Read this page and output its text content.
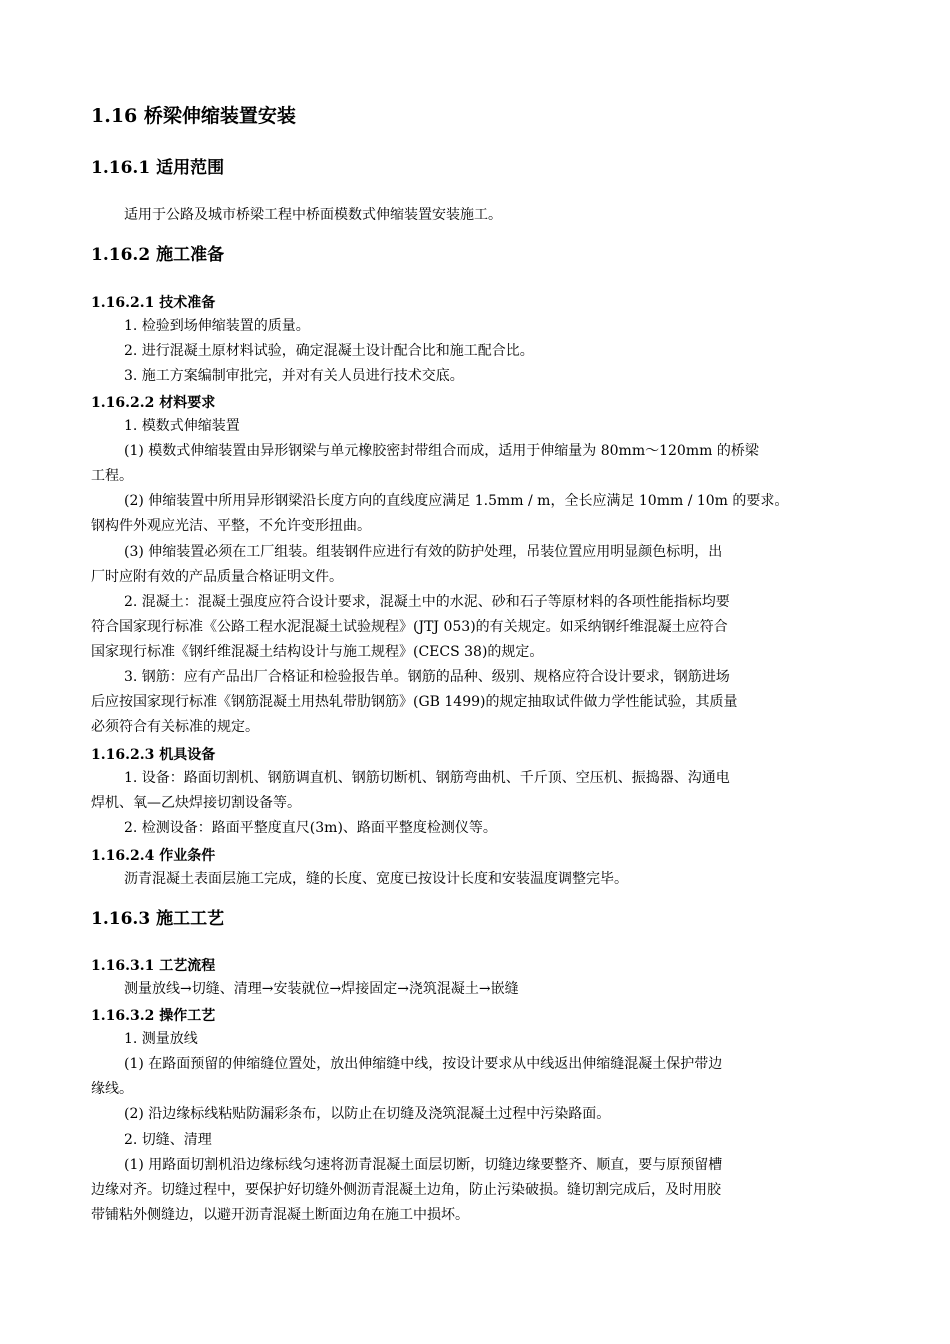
1.16 桥梁伸缩装置安装
1.16.1 适用范围
适用于公路及城市桥梁工程中桥面模数式伸缩装置安装施工。
1.16.2 施工准备
1.16.2.1 技术准备
1. 检验到场伸缩装置的质量。
2. 进行混凝土原材料试验，确定混凝土设计配合比和施工配合比。
3. 施工方案编制审批完，并对有关人员进行技术交底。
1.16.2.2 材料要求
1. 模数式伸缩装置
(1) 模数式伸缩装置由异形钢梁与单元橡胶密封带组合而成，适用于伸缩量为 80mm～120mm 的桥梁
工程。
(2) 伸缩装置中所用异形钢梁沿长度方向的直线度应满足 1.5mm / m，全长应满足 10mm / 10m 的要求。
钢构件外观应光洁、平整，不允许变形扭曲。
(3) 伸缩装置必须在工厂组装。组装钢件应进行有效的防护处理，吊装位置应用明显颜色标明，出
厂时应附有效的产品质量合格证明文件。
2. 混凝土：混凝土强度应符合设计要求，混凝土中的水泥、砂和石子等原材料的各项性能指标均要
符合国家现行标准《公路工程水泥混凝土试验规程》(JTJ 053)的有关规定。如采纳钢纤维混凝土应符合
国家现行标准《钢纤维混凝土结构设计与施工规程》(CECS 38)的规定。
3. 钢筋：应有产品出厂合格证和检验报告单。钢筋的品种、级别、规格应符合设计要求，钢筋进场
后应按国家现行标准《钢筋混凝土用热轧带肋钢筋》(GB 1499)的规定抽取试件做力学性能试验，其质量
必须符合有关标准的规定。
1.16.2.3 机具设备
1. 设备：路面切割机、钢筋调直机、钢筋切断机、钢筋弯曲机、千斤顶、空压机、振捣器、沟通电
焊机、氧—乙炔焊接切割设备等。
2. 检测设备：路面平整度直尺(3m)、路面平整度检测仪等。
1.16.2.4 作业条件
沥青混凝土表面层施工完成，缝的长度、宽度已按设计长度和安装温度调整完毕。
1.16.3 施工工艺
1.16.3.1 工艺流程
测量放线→切缝、清理→安装就位→焊接固定→浇筑混凝土→嵌缝
1.16.3.2 操作工艺
1. 测量放线
(1) 在路面预留的伸缩缝位置处，放出伸缩缝中线，按设计要求从中线返出伸缩缝混凝土保护带边
缘线。
(2) 沿边缘标线粘贴防漏彩条布，以防止在切缝及浇筑混凝土过程中污染路面。
2. 切缝、清理
(1) 用路面切割机沿边缘标线匀速将沥青混凝土面层切断，切缝边缘要整齐、顺直，要与原预留槽
边缘对齐。切缝过程中，要保护好切缝外侧沥青混凝土边角，防止污染破损。缝切割完成后，及时用胶
带铺粘外侧缝边，以避开沥青混凝土断面边角在施工中损坏。
